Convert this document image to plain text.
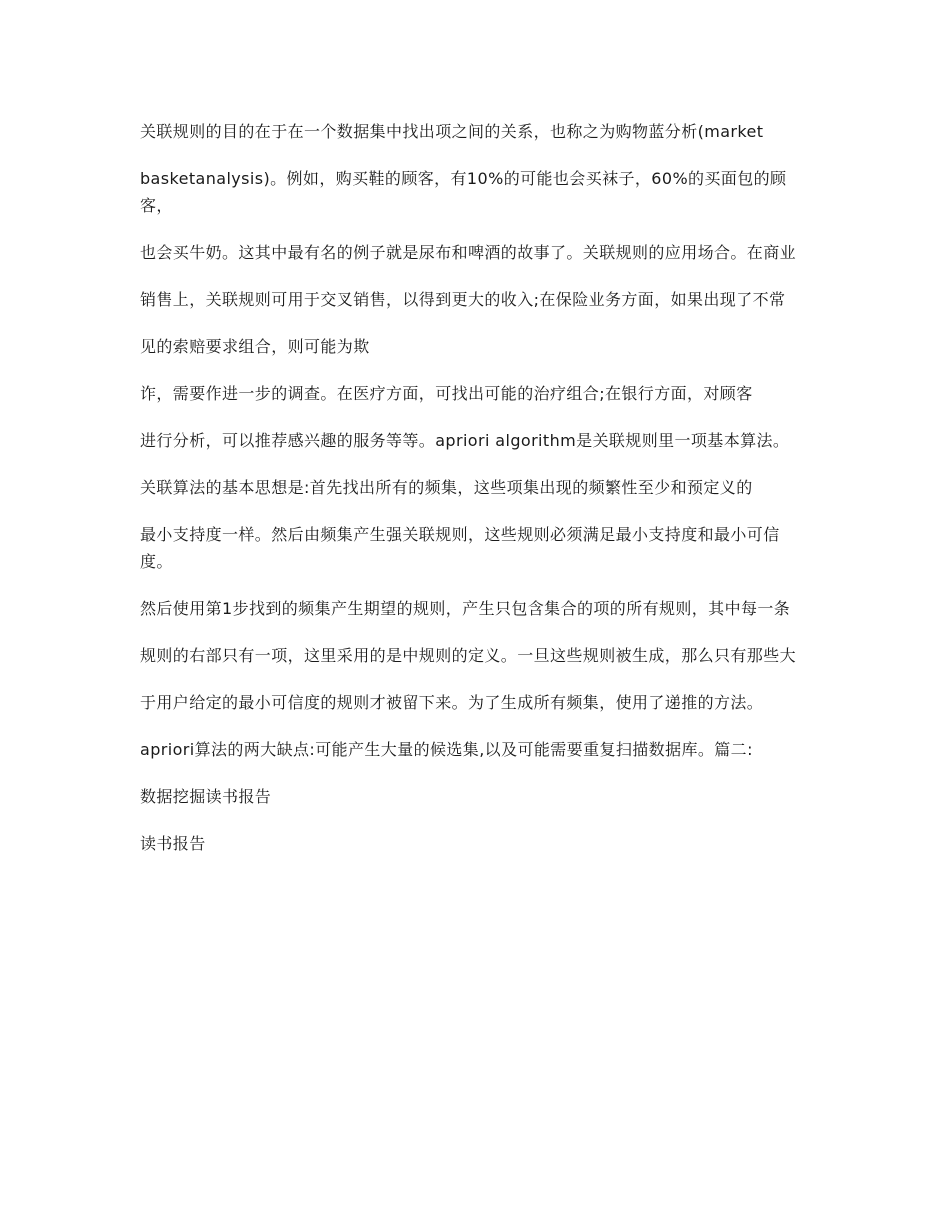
关联规则的目的在于在一个数据集中找出项之间的关系，也称之为购物蓝分析(market

basketanalysis)。例如，购买鞋的顾客，有10%的可能也会买袜子，60%的买面包的顾客，

也会买牛奶。这其中最有名的例子就是尿布和啤酒的故事了。关联规则的应用场合。在商业

销售上，关联规则可用于交叉销售，以得到更大的收入;在保险业务方面，如果出现了不常

见的索赔要求组合，则可能为欺

诈，需要作进一步的调查。在医疗方面，可找出可能的治疗组合;在银行方面，对顾客

进行分析，可以推荐感兴趣的服务等等。apriori algorithm是关联规则里一项基本算法。

关联算法的基本思想是:首先找出所有的频集，这些项集出现的频繁性至少和预定义的

最小支持度一样。然后由频集产生强关联规则，这些规则必须满足最小支持度和最小可信度。

然后使用第1步找到的频集产生期望的规则，产生只包含集合的项的所有规则，其中每一条

规则的右部只有一项，这里采用的是中规则的定义。一旦这些规则被生成，那么只有那些大

于用户给定的最小可信度的规则才被留下来。为了生成所有频集，使用了递推的方法。

apriori算法的两大缺点:可能产生大量的候选集,以及可能需要重复扫描数据库。篇二:

数据挖掘读书报告

读书报告
